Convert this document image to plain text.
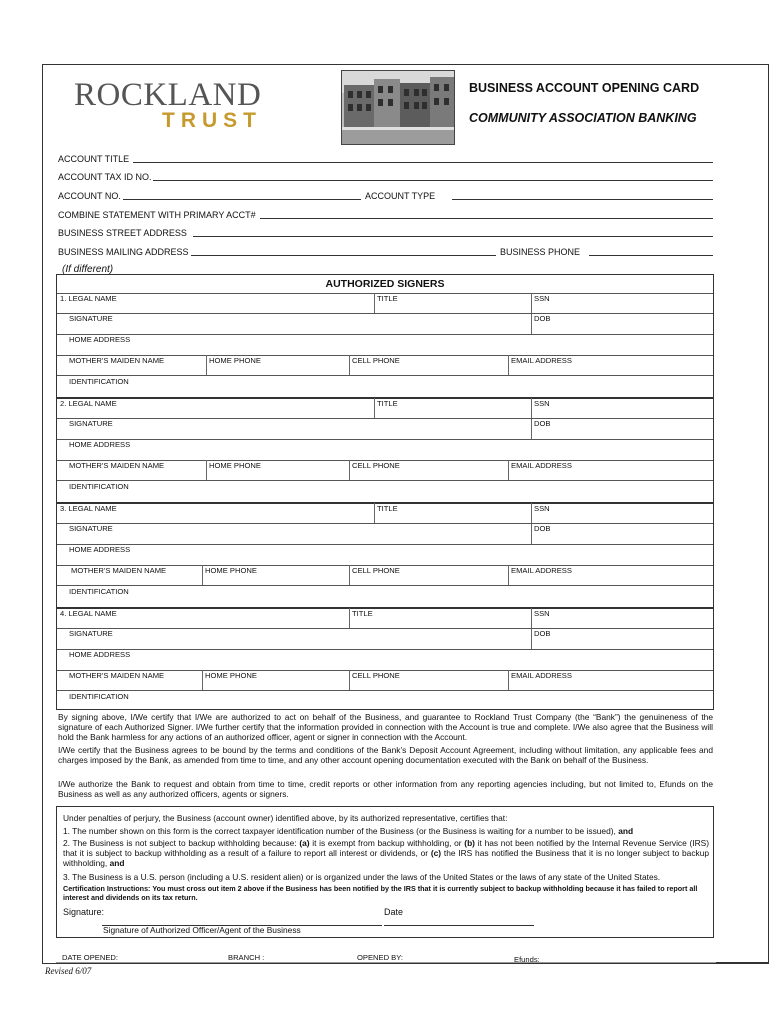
ROCKLAND
TRUST
BUSINESS ACCOUNT OPENING CARD
COMMUNITY ASSOCIATION BANKING
ACCOUNT TITLE
ACCOUNT TAX ID NO.
ACCOUNT NO.	ACCOUNT TYPE
COMBINE STATEMENT WITH PRIMARY ACCT#
BUSINESS STREET ADDRESS
BUSINESS MAILING ADDRESS	BUSINESS PHONE
(If different)
AUTHORIZED SIGNERS
1. LEGAL NAME	TITLE	SSN
SIGNATURE	DOB
HOME ADDRESS
MOTHER'S MAIDEN NAME	HOME PHONE	CELL PHONE	EMAIL ADDRESS
IDENTIFICATION
2. LEGAL NAME	TITLE	SSN
SIGNATURE	DOB
HOME ADDRESS
MOTHER'S MAIDEN NAME	HOME PHONE	CELL PHONE	EMAIL ADDRESS
IDENTIFICATION
3. LEGAL NAME	TITLE	SSN
SIGNATURE	DOB
HOME ADDRESS
MOTHER'S MAIDEN NAME	HOME PHONE	CELL PHONE	EMAIL ADDRESS
IDENTIFICATION
4. LEGAL NAME	TITLE	SSN
SIGNATURE	DOB
HOME ADDRESS
MOTHER'S MAIDEN NAME	HOME PHONE	CELL PHONE	EMAIL ADDRESS
IDENTIFICATION
By signing above, I/We certify that I/We are authorized to act on behalf of the Business, and guarantee to Rockland Trust Company (the “Bank”) the genuineness of the signature of each Authorized Signer. I/We further certify that the information provided in connection with the Account is true and complete. I/We also agree that the Business will hold the Bank harmless for any actions of an authorized officer, agent or signer in connection with the Account.
I/We certify that the Business agrees to be bound by the terms and conditions of the Bank’s Deposit Account Agreement, including without limitation, any applicable fees and charges imposed by the Bank, as amended from time to time, and any other account opening documentation executed with the Bank on behalf of the Business.
I/We authorize the Bank to request and obtain from time to time, credit reports or other information from any reporting agencies including, but not limited to, Efunds on the Business as well as any authorized officers, agents or signers.
Under penalties of perjury, the Business (account owner) identified above, by its authorized representative, certifies that:
1. The number shown on this form is the correct taxpayer identification number of the Business (or the Business is waiting for a number to be issued), and
2. The Business is not subject to backup withholding because: (a) it is exempt from backup withholding, or (b) it has not been notified by the Internal Revenue Service (IRS) that it is subject to backup withholding as a result of a failure to report all interest or dividends, or (c) the IRS has notified the Business that it is no longer subject to backup withholding, and
3. The Business is a U.S. person (including a U.S. resident alien) or is organized under the laws of the United States or the laws of any state of the United States.
Certification Instructions: You must cross out item 2 above if the Business has been notified by the IRS that it is currently subject to backup withholding because it has failed to report all interest and dividends on its tax return.
Signature:	Date
Signature of Authorized Officer/Agent of the Business
DATE OPENED:	BRANCH :	OPENED BY:	Efunds:
Revised 6/07
